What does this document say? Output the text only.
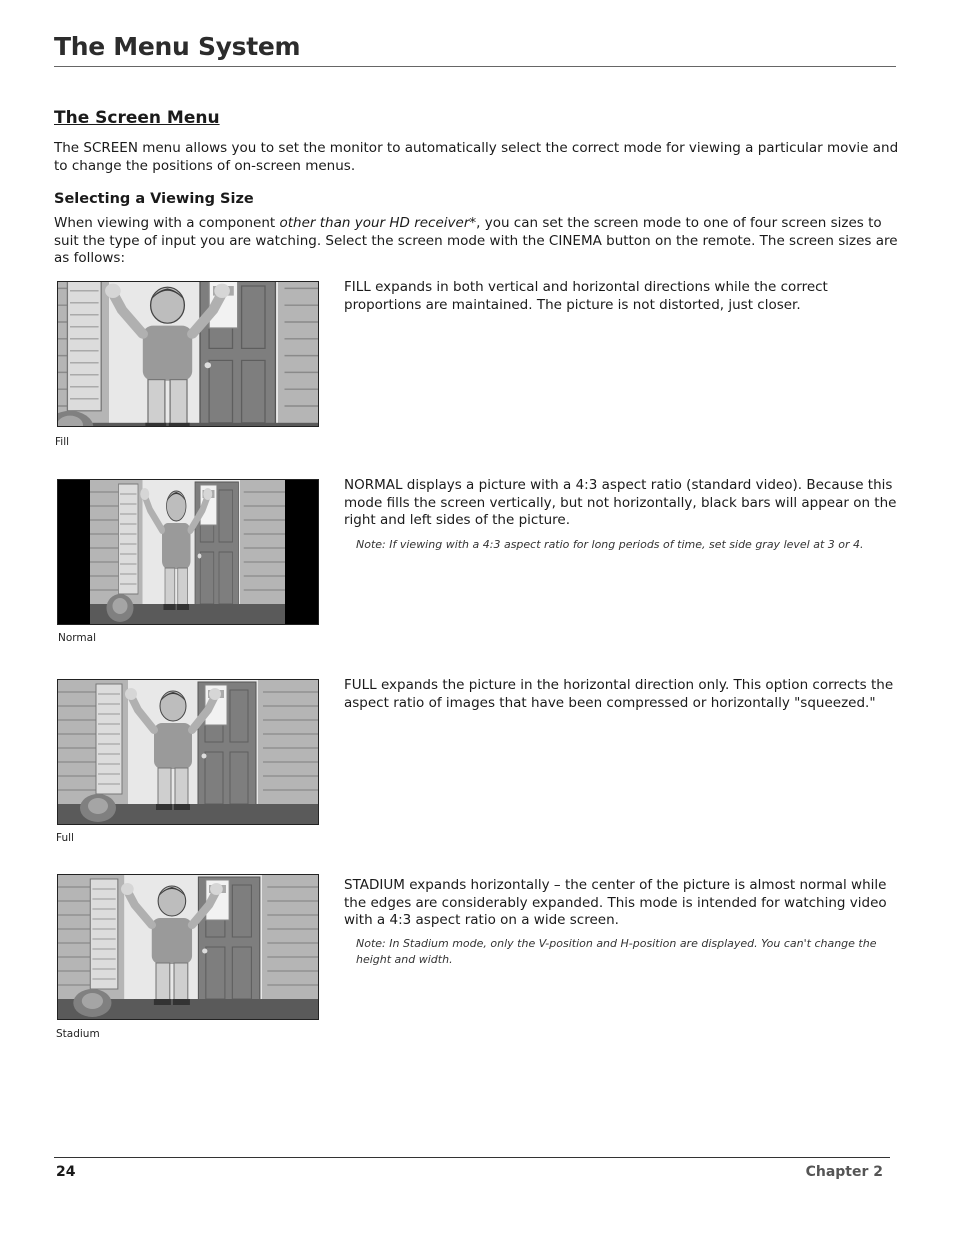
The Menu System
The Screen Menu
The SCREEN menu allows you to set the monitor to automatically select the correct mode for viewing a particular movie and to change the positions of on-screen menus.
Selecting a Viewing Size
When viewing with a component other than your HD receiver*, you can set the screen mode to one of four screen sizes to suit the type of input you are watching. Select the screen mode with the CINEMA button on the remote. The screen sizes are as follows:
Fill
FILL expands in both vertical and horizontal directions while the correct proportions are maintained. The picture is not distorted, just closer.
Normal
NORMAL displays a picture with a 4:3 aspect ratio (standard video). Because this mode fills the screen vertically, but not horizontally, black bars will appear on the right and left sides of the picture.
Note: If viewing with a 4:3 aspect ratio for long periods of time, set side gray level at 3 or 4.
Full
FULL expands the picture in the horizontal direction only. This option corrects the aspect ratio of images that have been compressed or horizontally "squeezed."
Stadium
STADIUM expands horizontally – the center of the picture is almost normal while the edges are considerably expanded. This mode is intended for watching video with a 4:3 aspect ratio on a wide screen.
Note: In Stadium mode, only the V-position and H-position are displayed. You can't change the height and width.
24	Chapter 2
